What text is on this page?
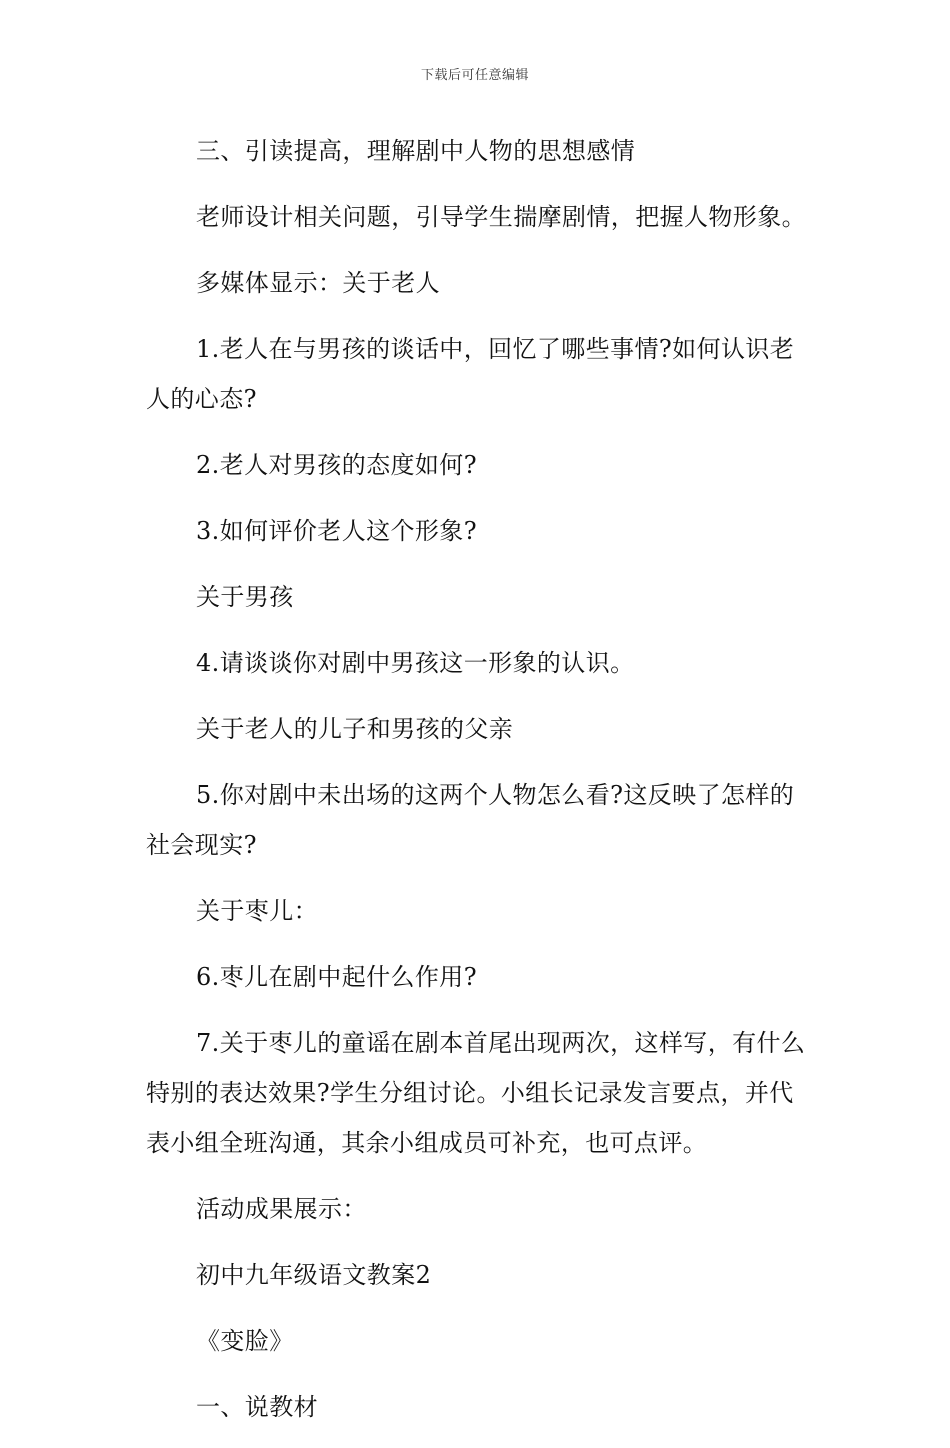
下载后可任意编辑

三、引读提高，理解剧中人物的思想感情

老师设计相关问题，引导学生揣摩剧情，把握人物形象。

多媒体显示：关于老人

1.老人在与男孩的谈话中，回忆了哪些事情?如何认识老人的心态?

2.老人对男孩的态度如何?

3.如何评价老人这个形象?

关于男孩

4.请谈谈你对剧中男孩这一形象的认识。

关于老人的儿子和男孩的父亲

5.你对剧中未出场的这两个人物怎么看?这反映了怎样的社会现实?

关于枣儿：

6.枣儿在剧中起什么作用?

7.关于枣儿的童谣在剧本首尾出现两次，这样写，有什么特别的表达效果?学生分组讨论。小组长记录发言要点，并代表小组全班沟通，其余小组成员可补充，也可点评。

活动成果展示：

初中九年级语文教案2

《变脸》

一、说教材
